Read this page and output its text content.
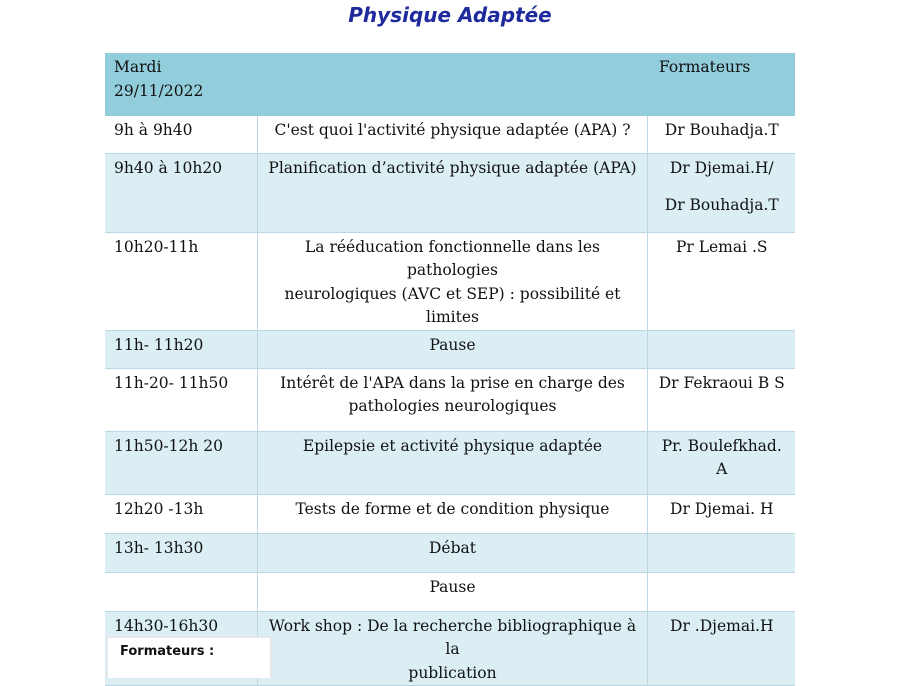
Physique Adaptée
Mardi
29/11/2022		Formateurs

9h à 9h40	C'est quoi l'activité physique adaptée (APA) ?	Dr Bouhadja.T

9h40 à 10h20	Planification d’activité physique adaptée (APA)	Dr Djemai.H/
Dr Bouhadja.T

10h20-11h	La rééducation fonctionnelle dans les pathologies
neurologiques (AVC et SEP) : possibilité et limites	Pr Lemai .S

11h- 11h20	Pause	

11h-20- 11h50	Intérêt de l'APA dans la prise en charge des
pathologies neurologiques	Dr Fekraoui B S

11h50-12h 20	Epilepsie et activité physique adaptée	Pr. Boulefkhad.
A

12h20 -13h	Tests de forme et de condition physique	Dr Djemai. H

13h- 13h30	Débat	

	Pause	

14h30-16h30	Work shop : De la recherche bibliographique à la
publication	Dr .Djemai.H
Formateurs :
